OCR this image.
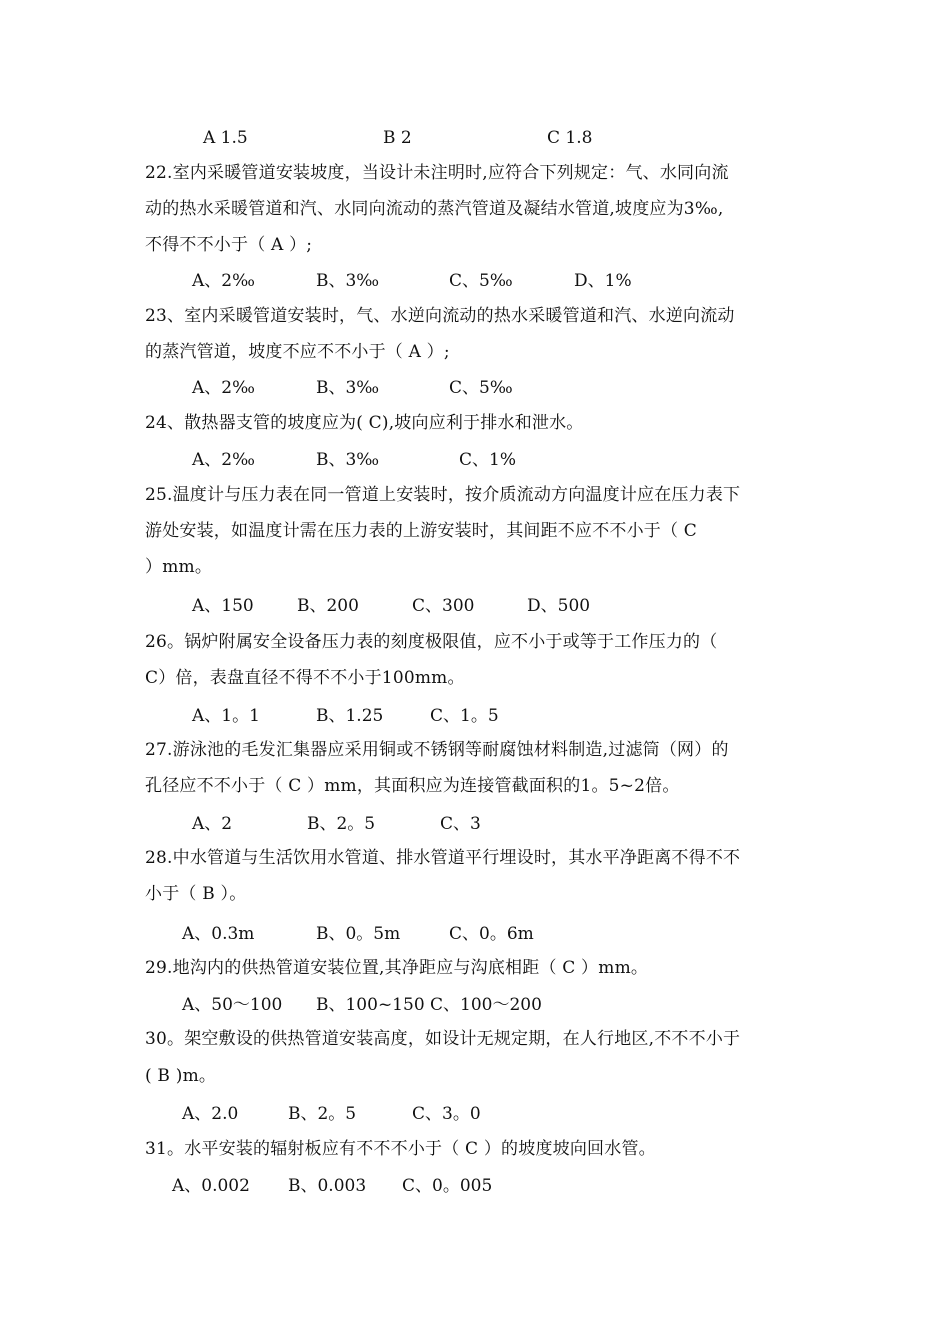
A 1.5	B 2	C 1.8
22.室内采暖管道安装坡度，当设计未注明时,应符合下列规定：气、水同向流
动的热水采暖管道和汽、水同向流动的蒸汽管道及凝结水管道,坡度应为3‰,
不得不不小于（ A ）;
A、2‰	B、3‰	C、5‰	D、1%
23、室内采暖管道安装时，气、水逆向流动的热水采暖管道和汽、水逆向流动
的蒸汽管道，坡度不应不不小于（ A ）;
A、2‰	B、3‰	C、5‰
24、散热器支管的坡度应为( C),坡向应利于排水和泄水。
A、2‰	B、3‰	C、1%
25.温度计与压力表在同一管道上安装时，按介质流动方向温度计应在压力表下
游处安装，如温度计需在压力表的上游安装时，其间距不应不不小于（ C
）mm。
A、150	B、200	C、300	D、500
26。锅炉附属安全设备压力表的刻度极限值，应不小于或等于工作压力的（
C）倍，表盘直径不得不不小于100mm。
A、1。1	B、1.25	C、1。5
27.游泳池的毛发汇集器应采用铜或不锈钢等耐腐蚀材料制造,过滤筒（网）的
孔径应不不小于（ C ）mm，其面积应为连接管截面积的1。5~2倍。
A、2	B、2。5	C、3
28.中水管道与生活饮用水管道、排水管道平行埋设时，其水平净距离不得不不
小于（ B ）。
A、0.3m	B、0。5m	C、0。6m
29.地沟内的供热管道安装位置,其净距应与沟底相距（ C ）mm。
A、50～100 B、100~150 C、100～200
30。架空敷设的供热管道安装高度，如设计无规定期，在人行地区,不不不小于
( B )m。
A、2.0	B、2。5	C、3。0
31。水平安装的辐射板应有不不不小于（ C ）的坡度坡向回水管。
A、0.002 B、0.003 C、0。005
